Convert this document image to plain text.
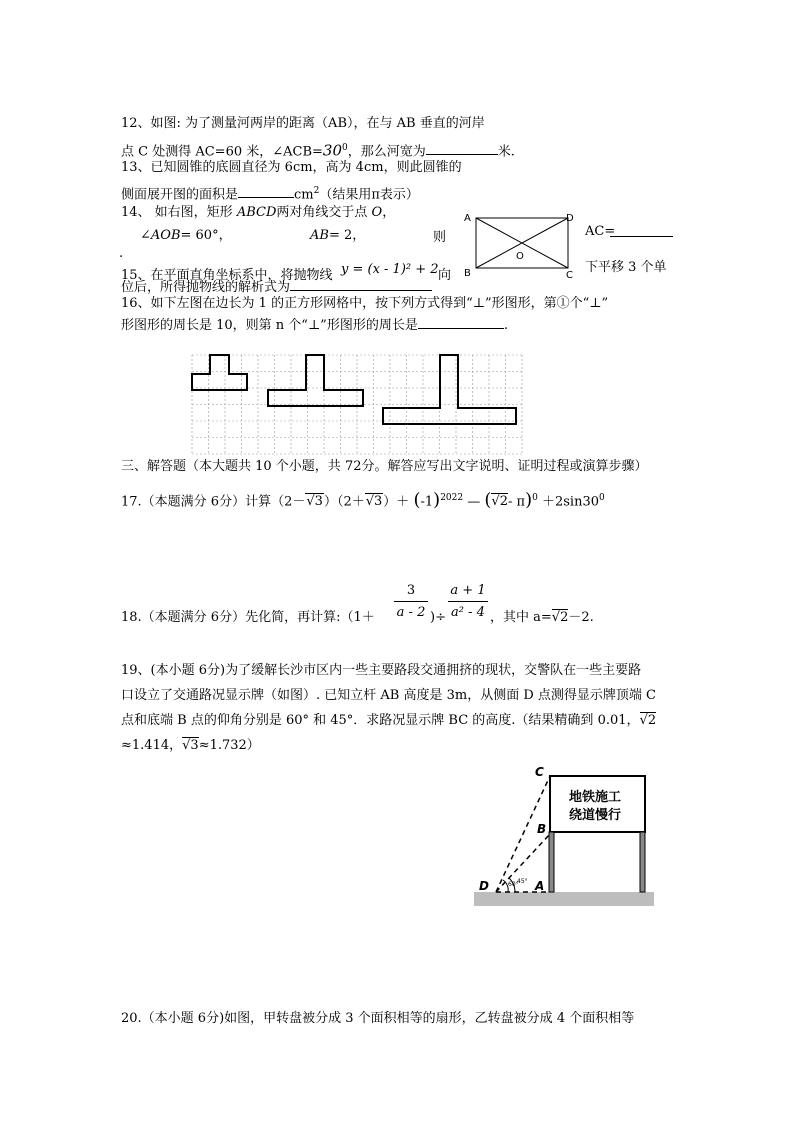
12、如图: 为了测量河两岸的距离（AB），在与 AB 垂直的河岸
点 C 处测得 AC=60 米，$\angle ACB=30^0$，那么河宽为	米.
13、已知圆锥的底圆直径为 6cm，高为 4cm，则此圆锥的
侧面展开图的面积是	$cm^2$（结果用π表示）
14、 如右图，矩形 ABCD两对角线交于点 O，
∠AOB= 60°，	AB= 2，	则
.
AC=
A
B	C
D
O
15、在平面直角坐标系中，将抛物线 y = (x - 1)² + 2 向
下平移 3 个单
位后，所得抛物线的解析式为
16、如下左图在边长为 1 的正方形网格中，按下列方式得到“⊥”形图形，第①个“⊥”
形图形的周长是 10，则第 n 个“⊥”形图形的周长是	.
三、解答题（本大题共 10 个小题，共 72分。解答应写出文字说明、证明过程或演算步骤）
17.（本题满分 6分）计算$(2-√3)(2+√3)+ (-1)^{2022}$ — (√2- $\pi)^0 +2\sin 30^0$
18.（本题满分 6分）先化简，再计算:（1＋
3
a - 2 )÷
a + 1
a² - 4 ，其中 a=√2－2.
19、(本小题 6分)为了缓解长沙市区内一些主要路段交通拥挤的现状，交警队在一些主要路
口设立了交通路况显示牌（如图）. 已知立杆 AB 高度是 3m，从侧面 D 点测得显示牌顶端 C
点和底端 B 点的仰角分别是 60° 和 45°．求路况显示牌 BC 的高度.（结果精确到 0.01，√2
≈1.414，√3≈1.732）
地铁施工
绕道慢行
C
B
D	A
60°
45°
20.（本小题 6分)如图，甲转盘被分成 3 个面积相等的扇形，乙转盘被分成 4 个面积相等
